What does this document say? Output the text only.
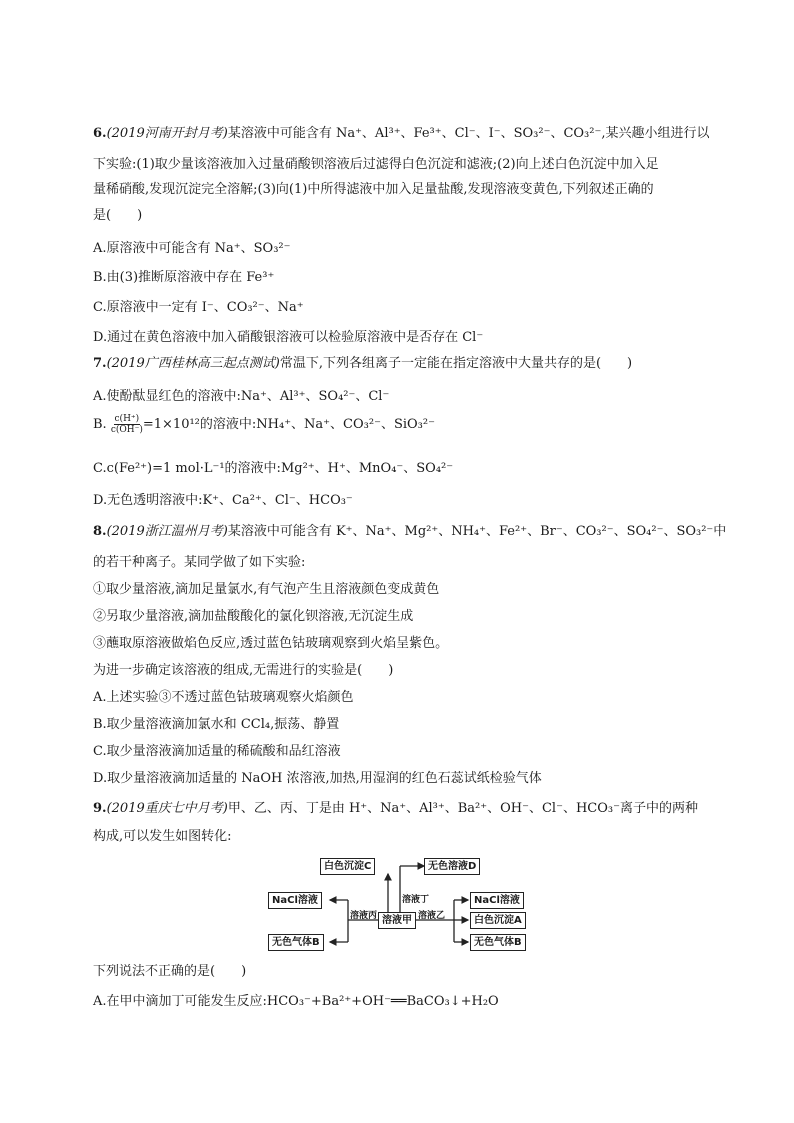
6.(2019河南开封月考)某溶液中可能含有 Na⁺、Al³⁺、Fe³⁺、Cl⁻、I⁻、SO₃²⁻、CO₃²⁻,某兴趣小组进行以
下实验:(1)取少量该溶液加入过量硝酸钡溶液后过滤得白色沉淀和滤液;(2)向上述白色沉淀中加入足
量稀硝酸,发现沉淀完全溶解;(3)向(1)中所得滤液中加入足量盐酸,发现溶液变黄色,下列叙述正确的
是(　　)
A.原溶液中可能含有 Na⁺、SO₃²⁻
B.由(3)推断原溶液中存在 Fe³⁺
C.原溶液中一定有 I⁻、CO₃²⁻、Na⁺
D.通过在黄色溶液中加入硝酸银溶液可以检验原溶液中是否存在 Cl⁻
7.(2019广西桂林高三起点测试)常温下,下列各组离子一定能在指定溶液中大量共存的是(　　)
A.使酚酞显红色的溶液中:Na⁺、Al³⁺、SO₄²⁻、Cl⁻
B. $\frac{c(H^+)}{c(OH^-)} =1\times 10^{12}$的溶液中:NH₄⁺、Na⁺、CO₃²⁻、SiO₃²⁻
C.c(Fe²⁺)=1 mol·L⁻¹的溶液中:Mg²⁺、H⁺、MnO₄⁻、SO₄²⁻
D.无色透明溶液中:K⁺、Ca²⁺、Cl⁻、HCO₃⁻
8.(2019浙江温州月考)某溶液中可能含有 K⁺、Na⁺、Mg²⁺、NH₄⁺、Fe²⁺、Br⁻、CO₃²⁻、SO₄²⁻、SO₃²⁻中
的若干种离子。某同学做了如下实验:
①取少量溶液,滴加足量氯水,有气泡产生且溶液颜色变成黄色
②另取少量溶液,滴加盐酸酸化的氯化钡溶液,无沉淀生成
③蘸取原溶液做焰色反应,透过蓝色钴玻璃观察到火焰呈紫色。
为进一步确定该溶液的组成,无需进行的实验是(　　)
A.上述实验③不透过蓝色钴玻璃观察火焰颜色
B.取少量溶液滴加氯水和 CCl₄,振荡、静置
C.取少量溶液滴加适量的稀硫酸和品红溶液
D.取少量溶液滴加适量的 NaOH 浓溶液,加热,用湿润的红色石蕊试纸检验气体
9.(2019重庆七中月考)甲、乙、丙、丁是由 H⁺、Na⁺、Al³⁺、Ba²⁺、OH⁻、Cl⁻、HCO₃⁻离子中的两种
构成,可以发生如图转化:
白色沉淀C	无色溶液D
NaCl溶液
无色气体B
溶液甲
NaCl溶液
白色沉淀A
无色气体B
溶液丁
溶液丙	溶液乙
下列说法不正确的是(　　)
A.在甲中滴加丁可能发生反应:HCO₃⁻+Ba²⁺+OH⁻══BaCO₃↓+H₂O
